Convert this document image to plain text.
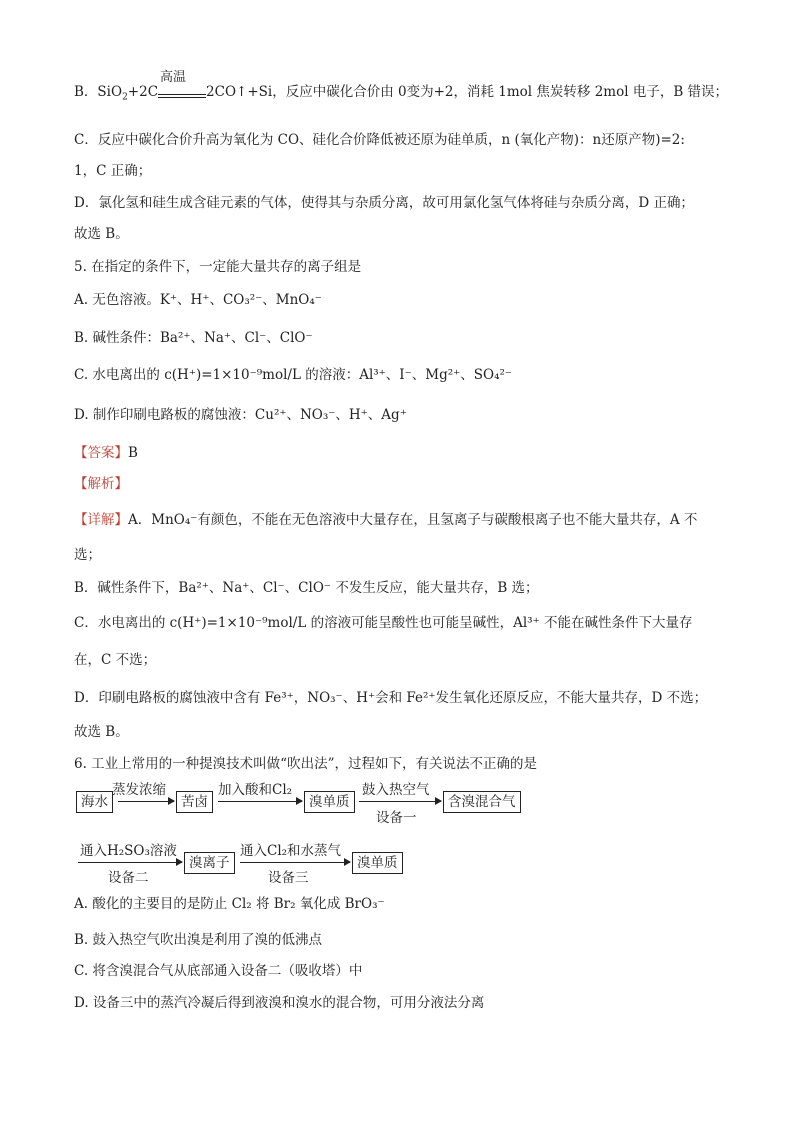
B．SiO$_2$+2C
高温
2CO↑+Si，反应中碳化合价由 0变为+2，消耗 1mol 焦炭转移 2mol 电子，B 错误；
C．反应中碳化合价升高为氧化为 CO、硅化合价降低被还原为硅单质，n (氧化产物)：n还原产物)=2:
1，C 正确；
D．氯化氢和硅生成含硅元素的气体，使得其与杂质分离，故可用氯化氢气体将硅与杂质分离，D 正确；
故选 B。
5. 在指定的条件下，一定能大量共存的离子组是
A. 无色溶液。K⁺、H⁺、CO₃²⁻、MnO₄⁻
B. 碱性条件：Ba²⁺、Na⁺、Cl⁻、ClO⁻
C. 水电离出的 c(H⁺)=1×10⁻⁹mol/L 的溶液：Al³⁺、I⁻、Mg²⁺、SO₄²⁻
D. 制作印刷电路板的腐蚀液：Cu²⁺、NO₃⁻、H⁺、Ag⁺
【答案】B
【解析】
【详解】A．MnO₄⁻有颜色，不能在无色溶液中大量存在，且氢离子与碳酸根离子也不能大量共存，A 不
选；
B．碱性条件下，Ba²⁺、Na⁺、Cl⁻、ClO⁻ 不发生反应，能大量共存，B 选；
C．水电离出的 c(H⁺)=1×10⁻⁹mol/L 的溶液可能呈酸性也可能呈碱性，Al³⁺ 不能在碱性条件下大量存
在，C 不选；
D．印刷电路板的腐蚀液中含有 Fe³⁺，NO₃⁻、H⁺会和 Fe²⁺发生氧化还原反应，不能大量共存，D 不选；
故选 B。
6. 工业上常用的一种提溴技术叫做“吹出法”，过程如下，有关说法不正确的是
海水
蒸发浓缩
苦卤
加入酸和Cl₂
溴单质
鼓入热空气
设备一
含溴混合气
通入H₂SO₃溶液
设备二
溴离子
通入Cl₂和水蒸气
设备三
溴单质
A. 酸化的主要目的是防止 Cl₂ 将 Br₂ 氧化成 BrO₃⁻
B. 鼓入热空气吹出溴是利用了溴的低沸点
C. 将含溴混合气从底部通入设备二（吸收塔）中
D. 设备三中的蒸汽冷凝后得到液溴和溴水的混合物，可用分液法分离
